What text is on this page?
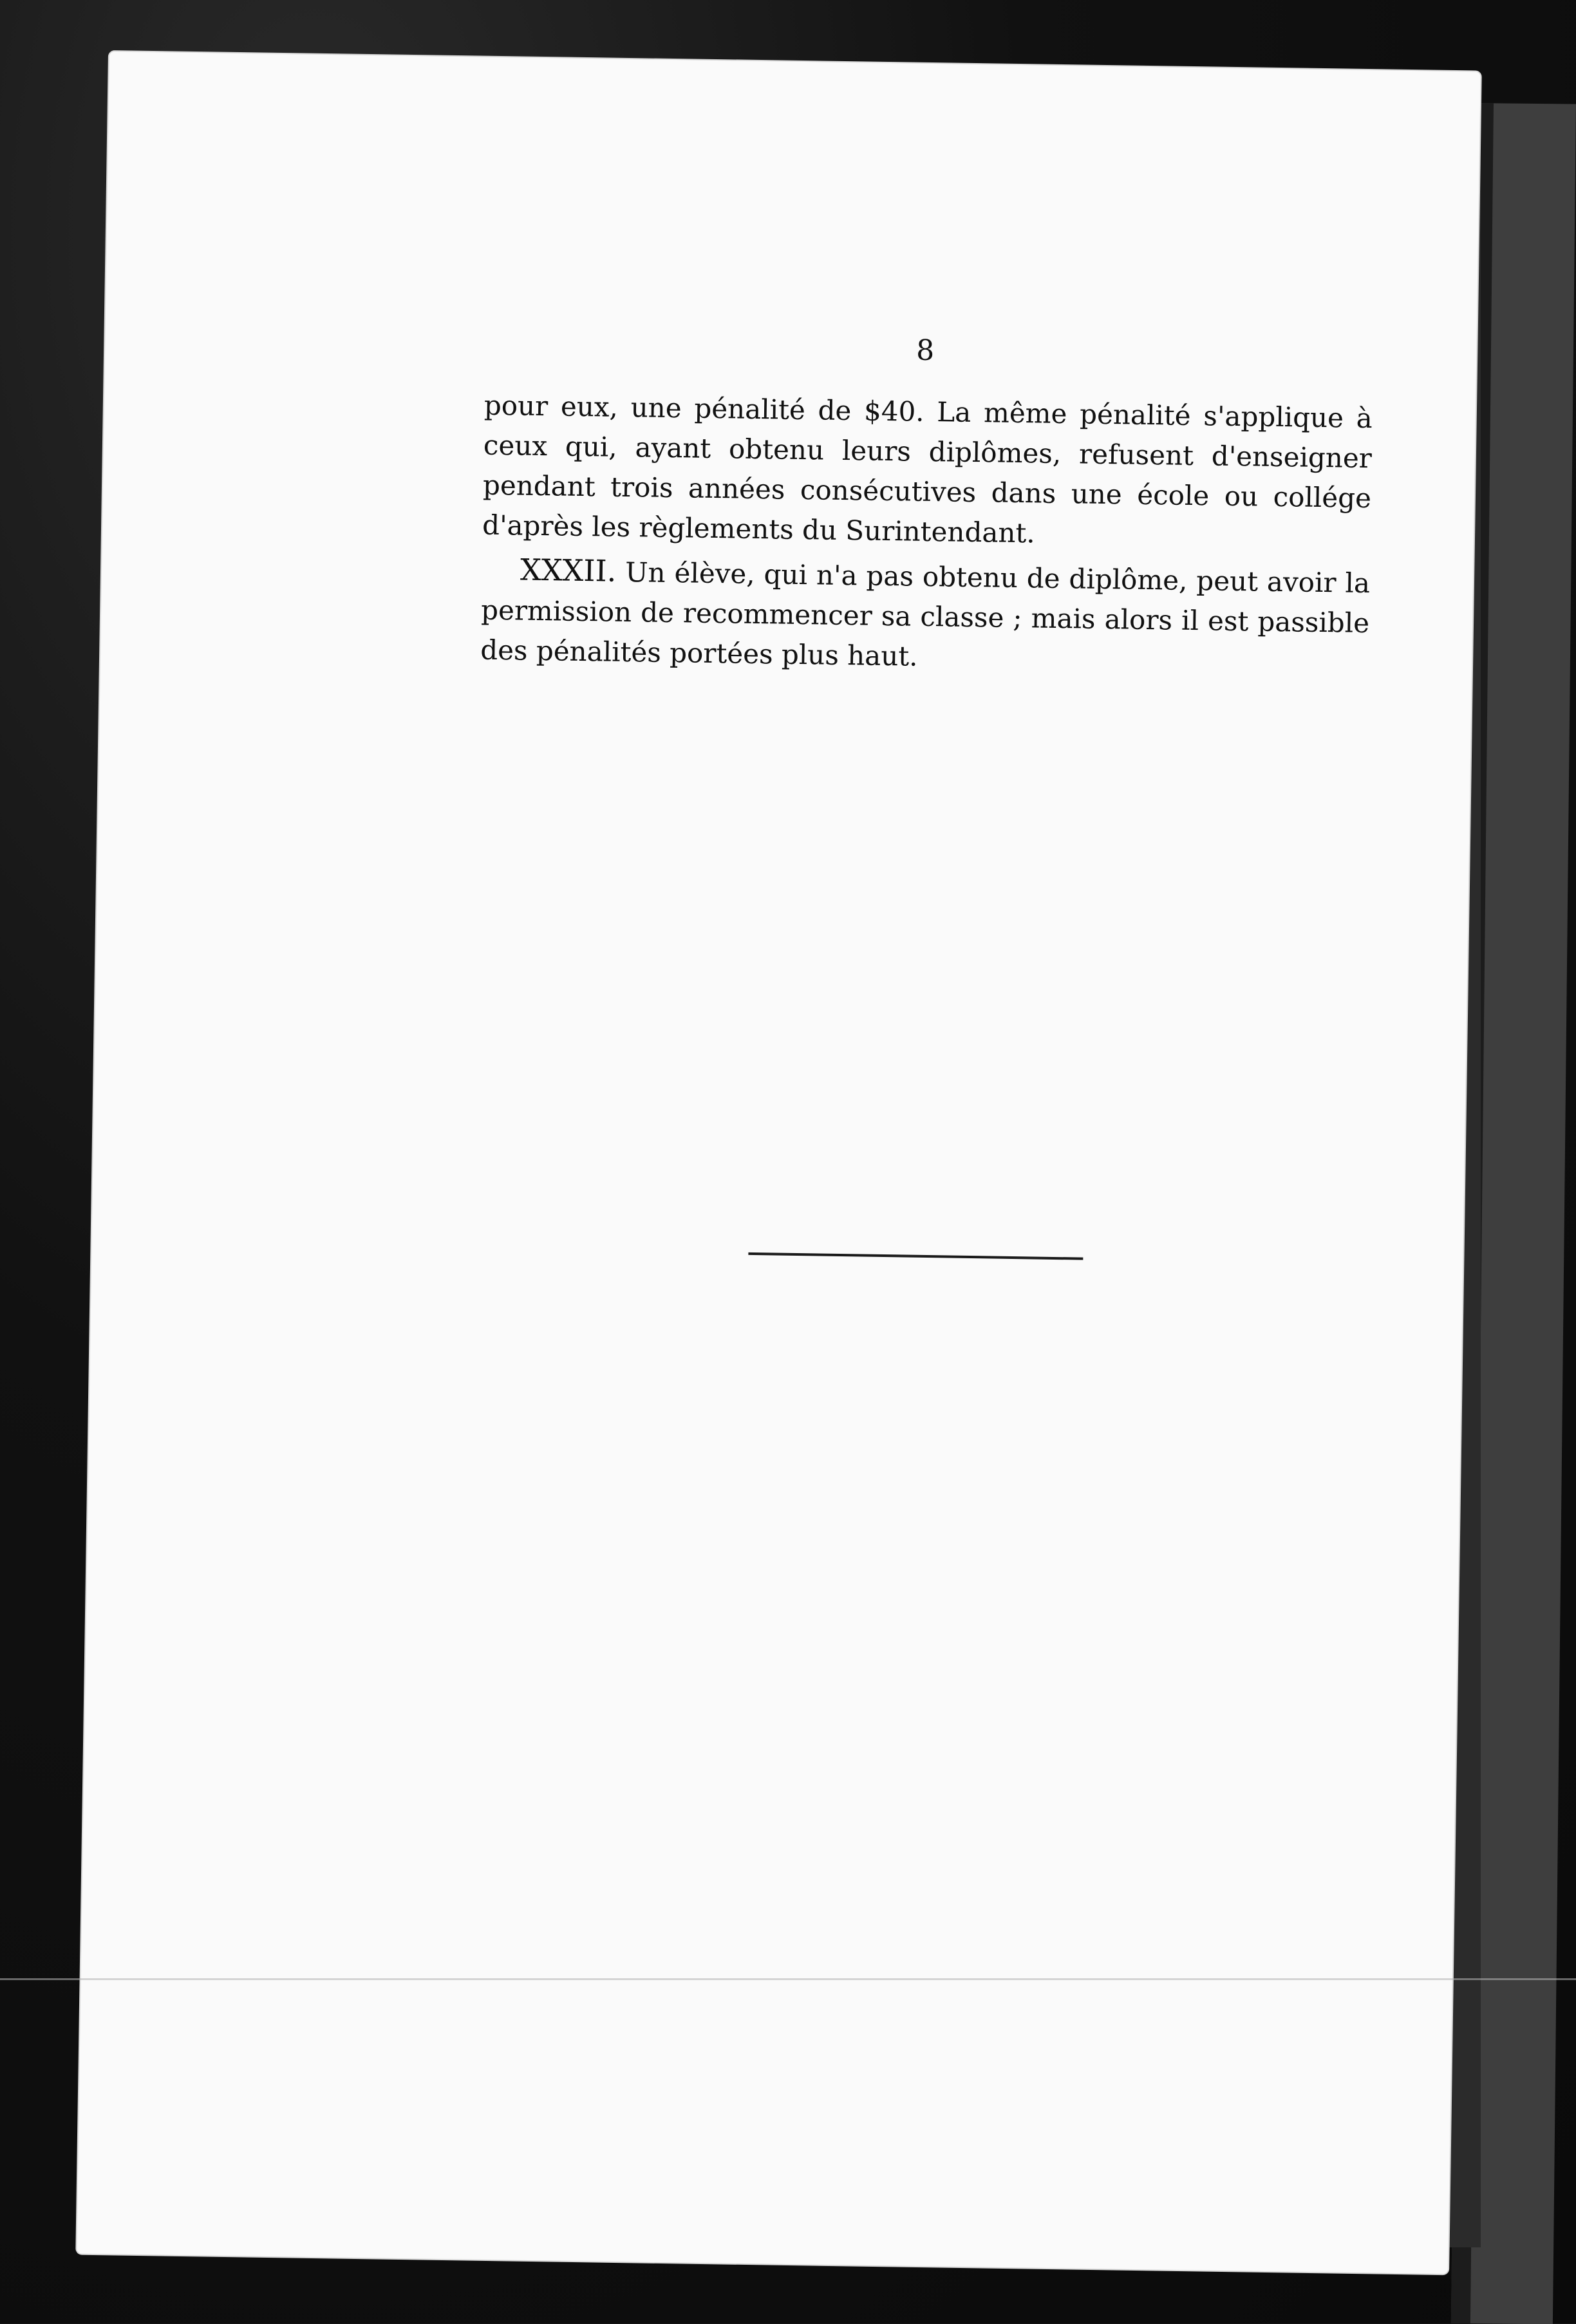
8

pour eux, une pénalité de $40. La même pénalité s'applique à ceux qui, ayant obtenu leurs diplômes, refusent d'enseigner pendant trois années consécutives dans une école ou collége d'après les règlements du Surintendant.

XXXII. Un élève, qui n'a pas obtenu de diplôme, peut avoir la permission de recommencer sa classe ; mais alors il est passible des pénalités portées plus haut.
